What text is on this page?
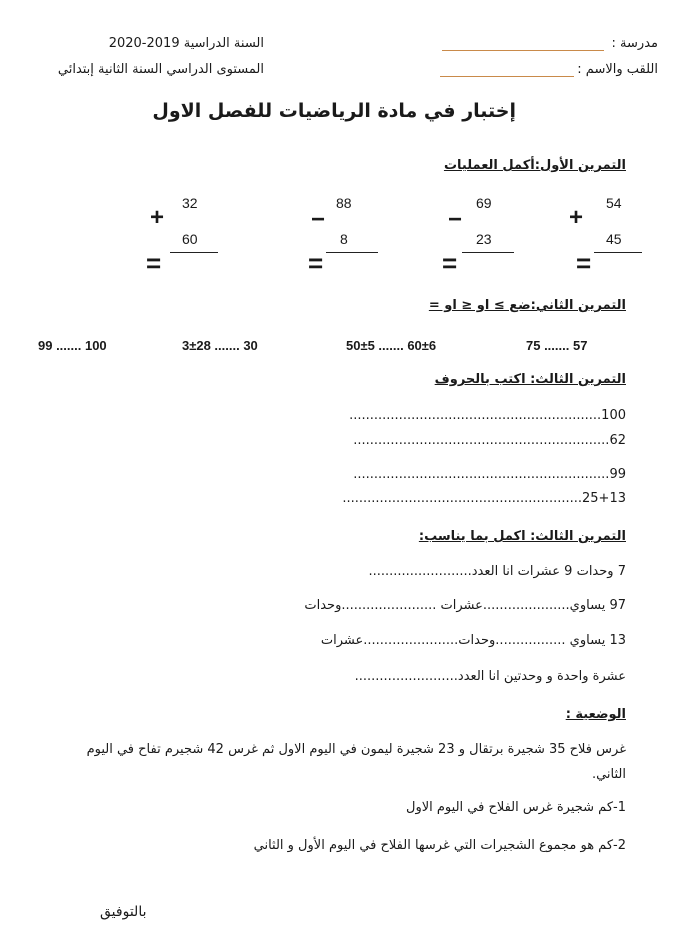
السنة الدراسية 2019-2020
المستوى الدراسي السنة الثانية إبتدائي
مدرسة :
اللقب والاسم :
إختبار في مادة الرياضيات للفصل الاول
التمرين الأول:أكمل العمليات
54
+
45
=
69
−
23
=
88
−
8
=
32
+
60
=
التمرين الثاني:ضع ≥ او ≤ او =
75 ....... 57
50±5 ....... 60±6
3±28 ....... 30
99 ....... 100
التمرين الثالث: اكتب بالحروف
100.............................................................
62..............................................................
99..............................................................
25+13..........................................................
التمرين الثالث: اكمل بما يناسب:
7 وحدات 9 عشرات انا العدد.........................
97 يساوي.....................عشرات .......................وحدات
13 يساوي .................وحدات.......................عشرات
عشرة واحدة و وحدتين انا العدد.........................
الوضعية :
غرس فلاح 35 شجيرة برتقال و 23 شجيرة ليمون في اليوم الاول ثم غرس 42 شجيرم تفاح في اليوم
الثاني.
1-كم شجيرة غرس الفلاح في اليوم الاول
2-كم هو مجموع الشجيرات التي غرسها الفلاح في اليوم الأول و الثاني
بالتوفيق
